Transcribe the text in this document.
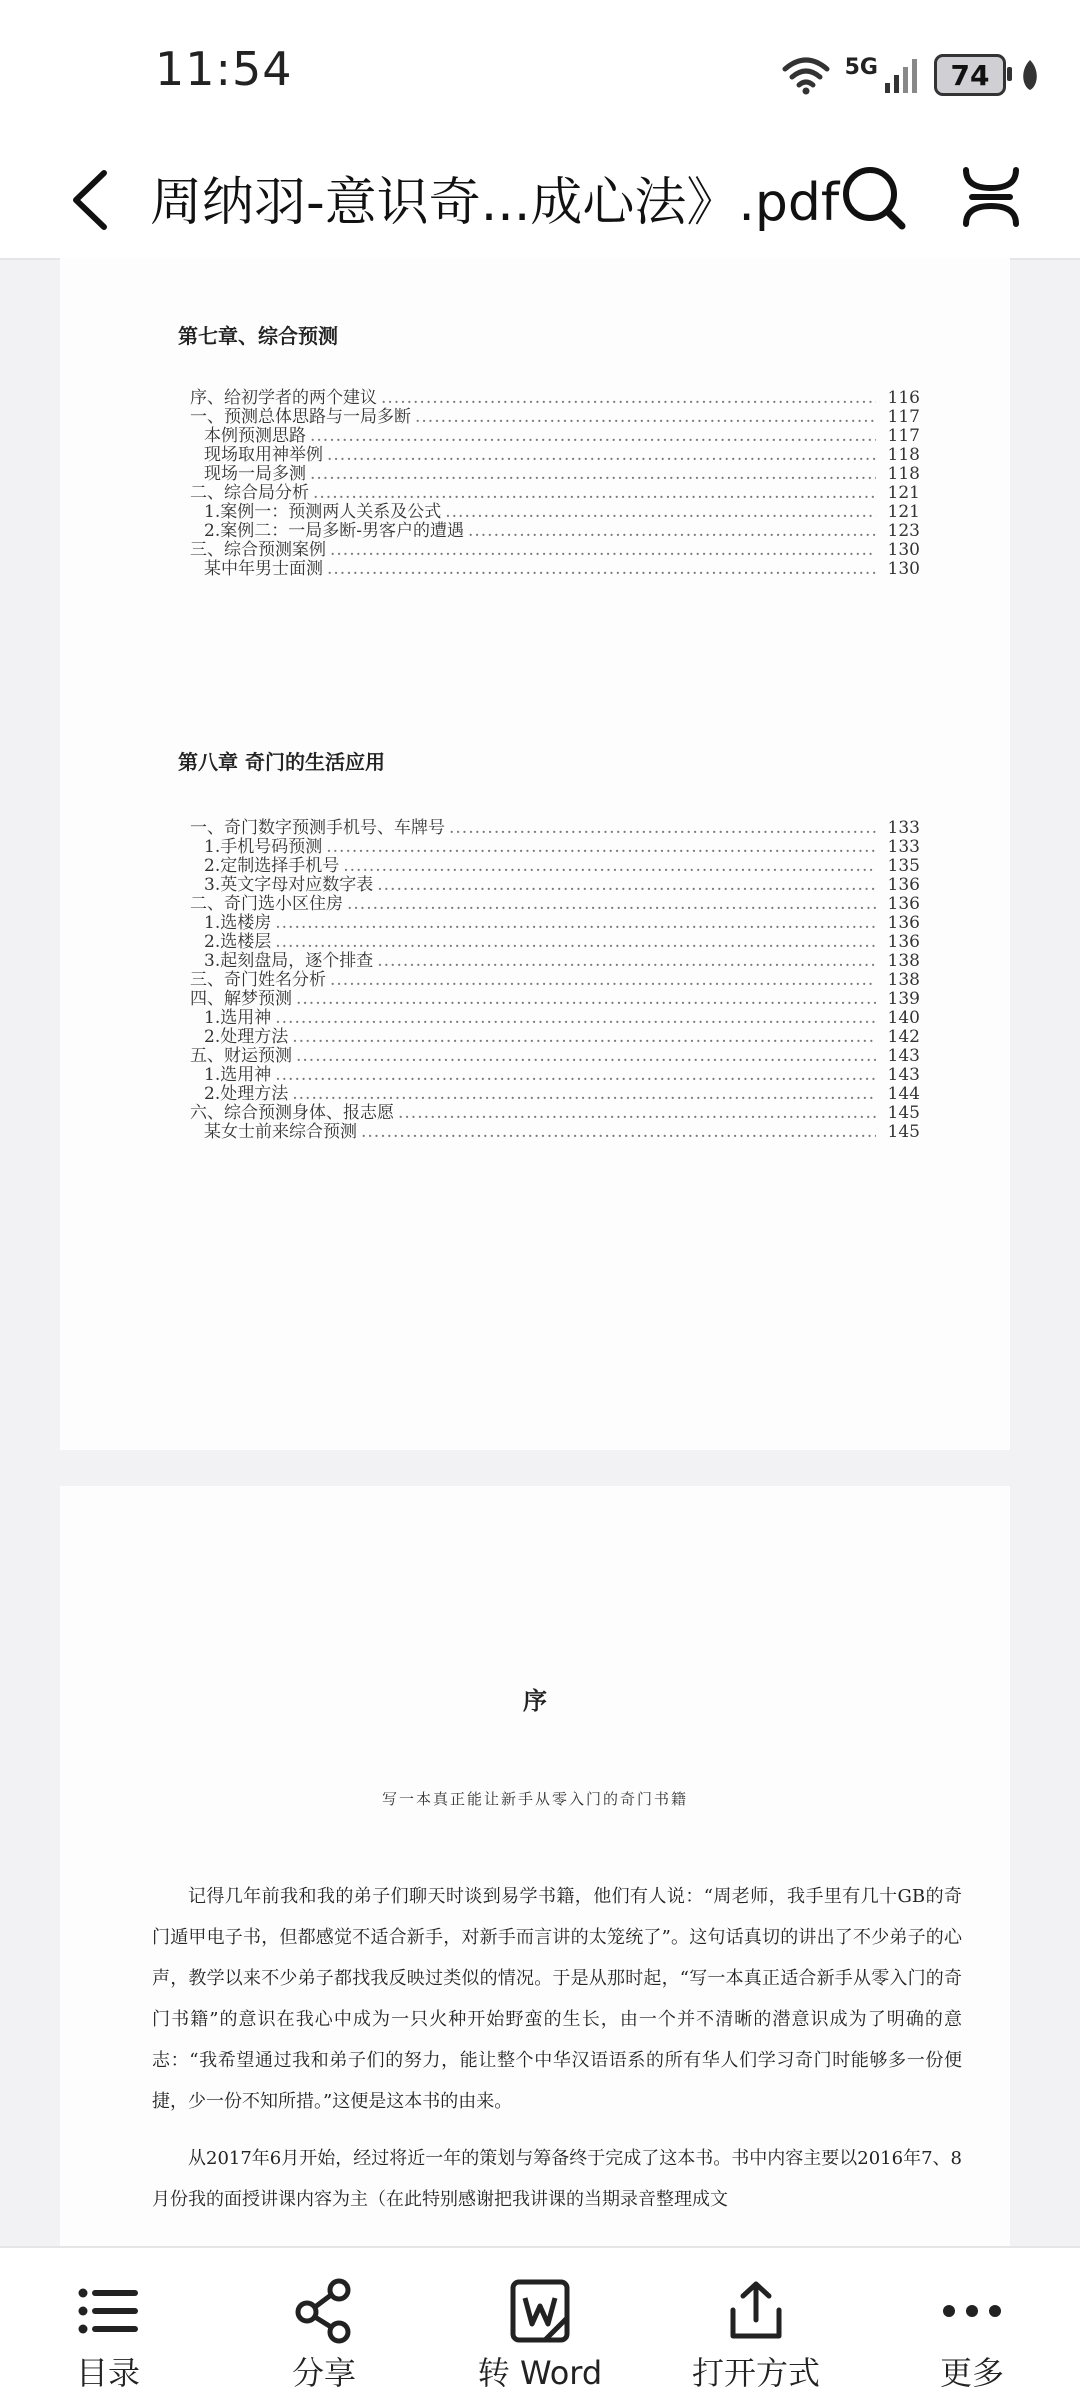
11:54	5G	74
周纳羽-意识奇...成心法》.pdf
第七章、综合预测
序、给初学者的两个建议 .....	116
一、预测总体思路与一局多断 .....	117
本例预测思路 .....	117
现场取用神举例 .....	118
现场一局多测 .....	118
二、综合局分析 .....	121
1.案例一：预测两人关系及公式 .....	121
2.案例二：一局多断-男客户的遭遇 .....	123
三、综合预测案例 .....	130
某中年男士面测 .....	130
第八章 奇门的生活应用
一、奇门数字预测手机号、车牌号 .....	133
1.手机号码预测 .....	133
2.定制选择手机号 .....	135
3.英文字母对应数字表 .....	136
二、奇门选小区住房 .....	136
1.选楼房 .....	136
2.选楼层 .....	136
3.起刻盘局，逐个排查 .....	138
三、奇门姓名分析 .....	138
四、解梦预测 .....	139
1.选用神 .....	140
2.处理方法 .....	142
五、财运预测 .....	143
1.选用神 .....	143
2.处理方法 .....	144
六、综合预测身体、报志愿 .....	145
某女士前来综合预测 .....	145
序
写一本真正能让新手从零入门的奇门书籍
记得几年前我和我的弟子们聊天时谈到易学书籍，他们有人说：“周老师，我手里有几十GB的奇门遁甲电子书，但都感觉不适合新手，对新手而言讲的太笼统了”。这句话真切的讲出了不少弟子的心声，教学以来不少弟子都找我反映过类似的情况。于是从那时起，“写一本真正适合新手从零入门的奇门书籍”的意识在我心中成为一只火种开始野蛮的生长，由一个并不清晰的潜意识成为了明确的意志：“我希望通过我和弟子们的努力，能让整个中华汉语语系的所有华人们学习奇门时能够多一份便捷，少一份不知所措。”这便是这本书的由来。
从2017年6月开始，经过将近一年的策划与筹备终于完成了这本书。书中内容主要以2016年7、8月份我的面授讲课内容为主（在此特别感谢把我讲课的当期录音整理成文
目录	分享	转 Word	打开方式	更多
